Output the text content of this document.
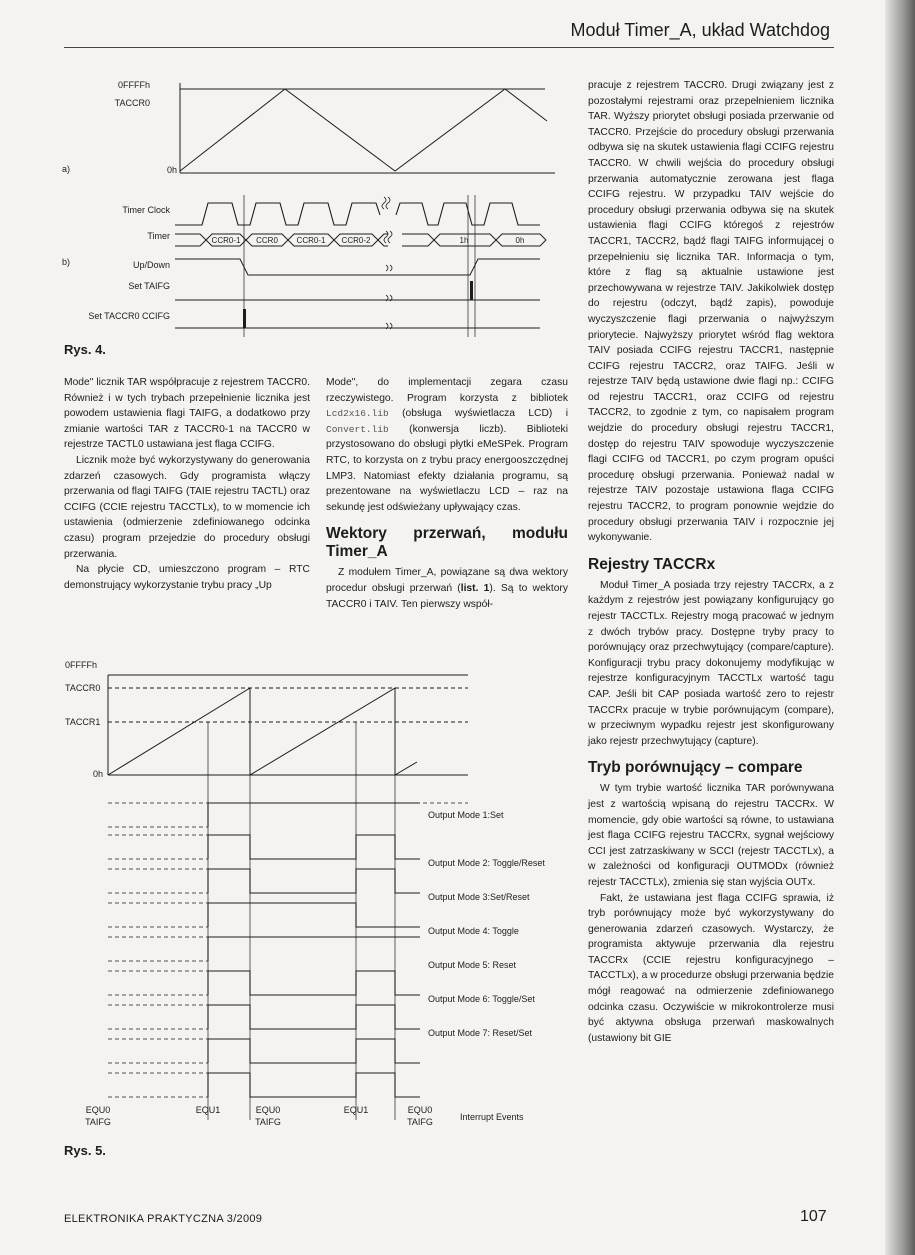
Moduł Timer_A, układ Watchdog
0FFFFh
TACCR0
a)	0h
Timer Clock
Timer
b)	Up/Down
Set TAIFG
Set TACCR0 CCIFG
CCR0-1 CCR0 CCR0-1 CCR0-2	1h	0h
Rys. 4.

Mode" licznik TAR współpracuje z rejestrem TACCR0. Również i w tych trybach przepełnienie licznika jest powodem ustawienia flagi TAIFG, a dodatkowo przy zmianie wartości TAR z TACCR0-1 na TACCR0 w rejestrze TACTL0 ustawiana jest flaga CCIFG.

Licznik może być wykorzystywany do generowania zdarzeń czasowych. Gdy programista włączy przerwania od flagi TAIFG (TAIE rejestru TACTL) oraz CCIFG (CCIE rejestru TACCTLx), to w momencie ich ustawienia (odmierzenie zdefiniowanego odcinka czasu) program przejedzie do procedury obsługi przerwania.

Na płycie CD, umieszczono program – RTC demonstrujący wykorzystanie trybu pracy „Up

Mode", do implementacji zegara czasu rzeczywistego. Program korzysta z bibliotek Lcd2x16.lib (obsługa wyświetlacza LCD) i Convert.lib (konwersja liczb). Biblioteki przystosowano do obsługi płytki eMeSPek. Program RTC, to korzysta on z trybu pracy energooszczędnej LMP3. Natomiast efekty działania programu, są prezentowane na wyświetlaczu LCD – raz na sekundę jest odświeżany upływający czas.

Wektory przerwań, modułu Timer_A

Z modułem Timer_A, powiązane są dwa wektory procedur obsługi przerwań (list. 1). Są to wektory TACCR0 i TAIV. Ten pierwszy współ-

0FFFFh
TACCR0
TACCR1
0h
Output Mode 1:Set
Output Mode 2: Toggle/Reset
Output Mode 3:Set/Reset
Output Mode 4: Toggle
Output Mode 5: Reset
Output Mode 6: Toggle/Set
Output Mode 7: Reset/Set
EQU0
TAIFG
EQU1	EQU0
TAIFG
EQU1	EQU0
TAIFG	Interrupt Events
Rys. 5.

pracuje z rejestrem TACCR0. Drugi związany jest z pozostałymi rejestrami oraz przepełnieniem licznika TAR. Wyższy priorytet obsługi posiada przerwanie od TACCR0. Przejście do procedury obsługi przerwania odbywa się na skutek ustawienia flagi CCIFG rejestru TACCR0. W chwili wejścia do procedury obsługi przerwania automatycznie zerowana jest flaga CCIFG rejestru. W przypadku TAIV wejście do procedury obsługi przerwania odbywa się na skutek ustawienia flagi CCIFG któregoś z rejestrów TACCR1, TACCR2, bądź flagi TAIFG informującej o przepełnieniu się licznika TAR. Informacja o tym, które z flag są aktualnie ustawione jest przechowywana w rejestrze TAIV. Jakikolwiek dostęp do rejestru (odczyt, bądź zapis), powoduje wyczyszczenie flagi przerwania o najwyższym priorytecie. Najwyższy priorytet wśród flag wektora TAIV posiada CCIFG rejestru TACCR1, następnie CCIFG rejestru TACCR2, oraz TAIFG. Jeśli w rejestrze TAIV będą ustawione dwie flagi np.: CCIFG od rejestru TACCR1, oraz CCIFG od rejestru TACCR2, to zgodnie z tym, co napisałem program wejdzie do procedury obsługi rejestru TACCR1, dostęp do rejestru TAIV spowoduje wyczyszczenie flagi CCIFG od TACCR1, po czym program opuści procedurę obsługi przerwania. Ponieważ nadal w rejestrze TAIV pozostaje ustawiona flaga CCIFG rejestru TACCR2, to program ponownie wejdzie do procedury obsługi przerwania TAIV i rozpocznie jej wykonywanie.

Rejestry TACCRx

Moduł Timer_A posiada trzy rejestry TACCRx, a z każdym z rejestrów jest powiązany konfigurujący go rejestr TACCTLx. Rejestry mogą pracować w jednym z dwóch trybów pracy. Dostępne tryby pracy to porównujący oraz przechwytujący (compare/capture). Konfiguracji trybu pracy dokonujemy modyfikując w rejestrze konfiguracyjnym TACCTLx wartość tagu CAP. Jeśli bit CAP posiada wartość zero to rejestr TACCRx pracuje w trybie porównującym (compare), w przeciwnym wypadku rejestr jest skonfigurowany jako rejestr przechwytujący (capture).

Tryb porównujący – compare

W tym trybie wartość licznika TAR porównywana jest z wartością wpisaną do rejestru TACCRx. W momencie, gdy obie wartości są równe, to ustawiana jest flaga CCIFG rejestru TACCRx, sygnał wejściowy CCI jest zatrzaskiwany w SCCI (rejestr TACCTLx), a w zależności od konfiguracji OUTMODx (również rejestr TACCTLx), zmienia się stan wyjścia OUTx.

Fakt, że ustawiana jest flaga CCIFG sprawia, iż tryb porównujący może być wykorzystywany do generowania zdarzeń czasowych. Wystarczy, że programista aktywuje przerwania dla rejestru TACCRx (CCIE rejestru konfiguracyjnego – TACCTLx), a w procedurze obsługi przerwania będzie mógł reagować na odmierzenie zdefiniowanego odcinka czasu. Oczywiście w mikrokontrolerze musi być aktywna obsługa przerwań maskowalnych (ustawiony bit GIE

ELEKTRONIKA PRAKTYCZNA 3/2009	107
